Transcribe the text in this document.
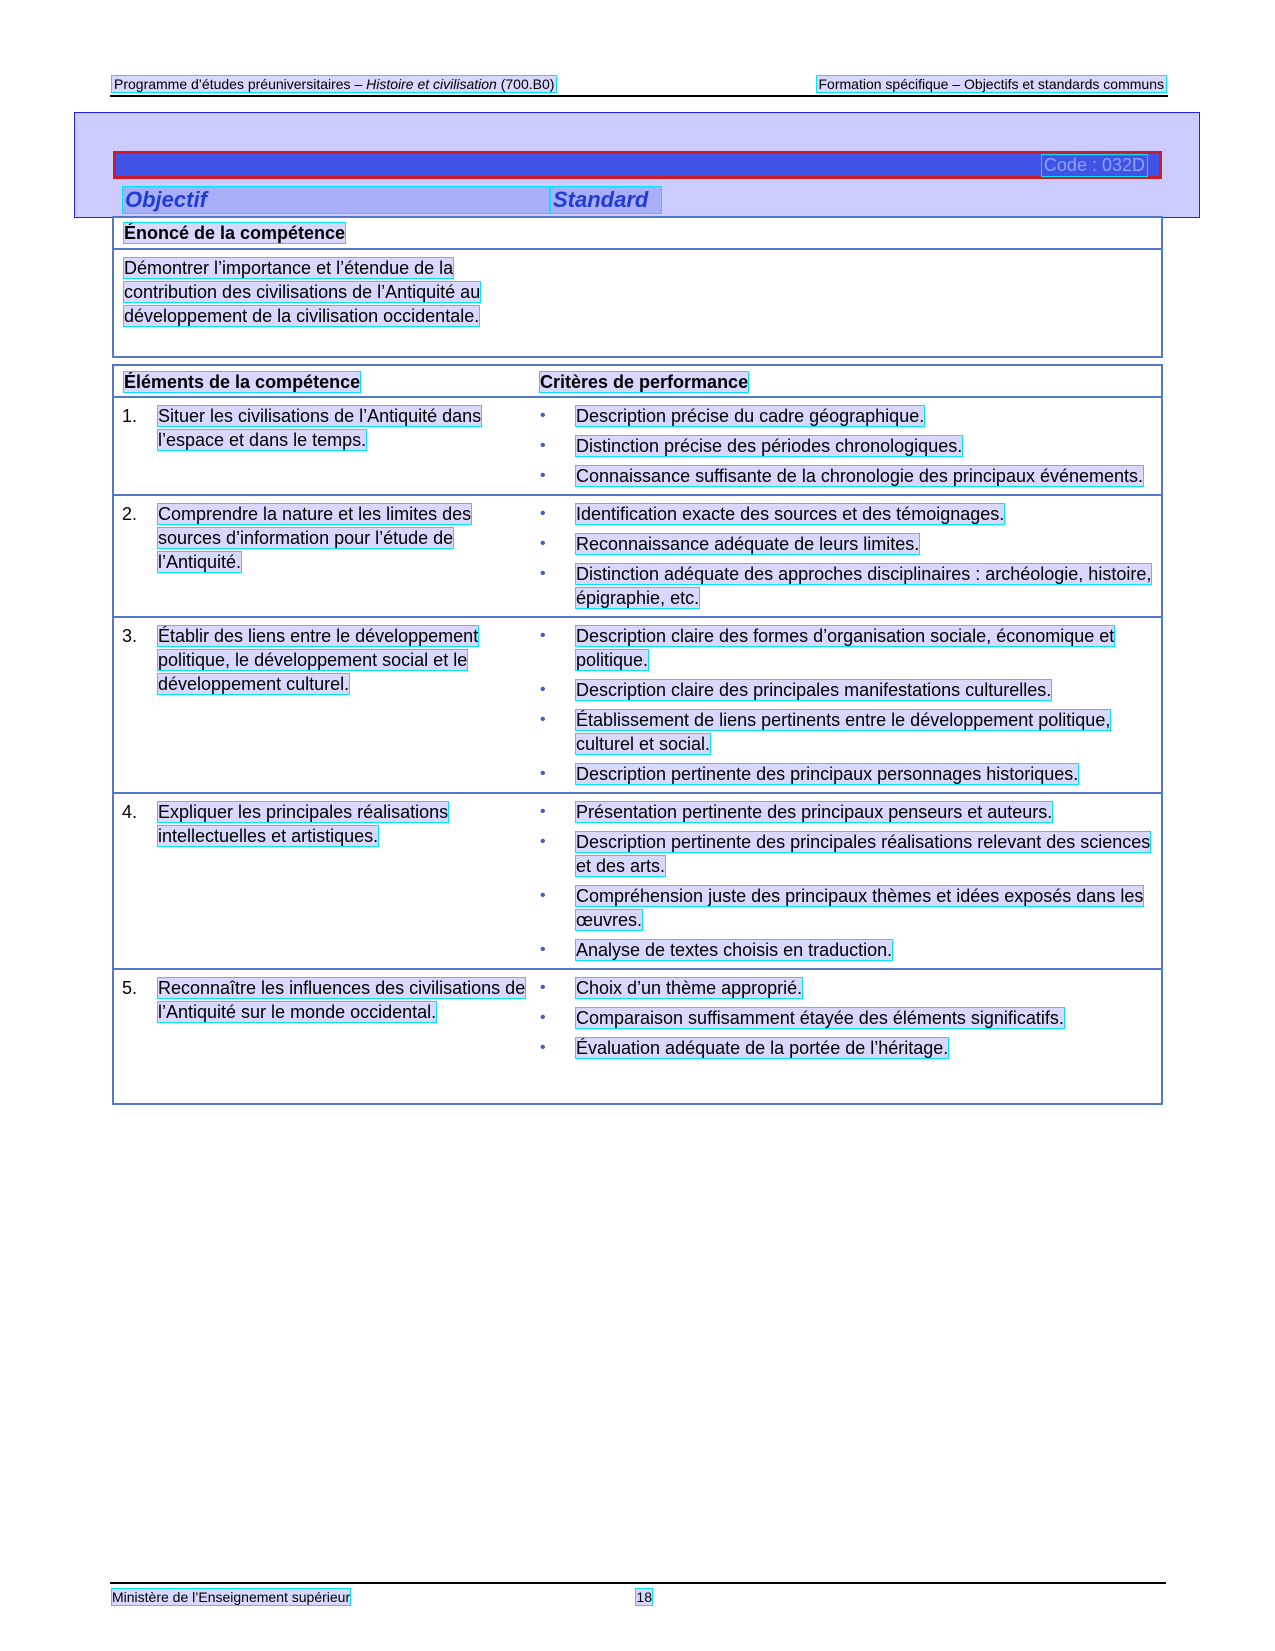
Programme d’études préuniversitaires – Histoire et civilisation (700.B0)	Formation spécifique – Objectifs et standards communs
Code : 032D
Objectif	Standard
Énoncé de la compétence
Démontrer l’importance et l’étendue de la contribution des civilisations de l’Antiquité au développement de la civilisation occidentale.
Éléments de la compétence	Critères de performance
1.	Situer les civilisations de l’Antiquité dans l’espace et dans le temps.
•	Description précise du cadre géographique.
•	Distinction précise des périodes chronologiques.
•	Connaissance suffisante de la chronologie des principaux événements.
2.	Comprendre la nature et les limites des sources d’information pour l’étude de l’Antiquité.
•	Identification exacte des sources et des témoignages.
•	Reconnaissance adéquate de leurs limites.
•	Distinction adéquate des approches disciplinaires : archéologie, histoire, épigraphie, etc.
3.	Établir des liens entre le développement politique, le développement social et le développement culturel.
•	Description claire des formes d’organisation sociale, économique et politique.
•	Description claire des principales manifestations culturelles.
•	Établissement de liens pertinents entre le développement politique, culturel et social.
•	Description pertinente des principaux personnages historiques.
4.	Expliquer les principales réalisations intellectuelles et artistiques.
•	Présentation pertinente des principaux penseurs et auteurs.
•	Description pertinente des principales réalisations relevant des sciences et des arts.
•	Compréhension juste des principaux thèmes et idées exposés dans les œuvres.
•	Analyse de textes choisis en traduction.
5.	Reconnaître les influences des civilisations de l’Antiquité sur le monde occidental.
•	Choix d’un thème approprié.
•	Comparaison suffisamment étayée des éléments significatifs.
•	Évaluation adéquate de la portée de l’héritage.
Ministère de l’Enseignement supérieur	18
